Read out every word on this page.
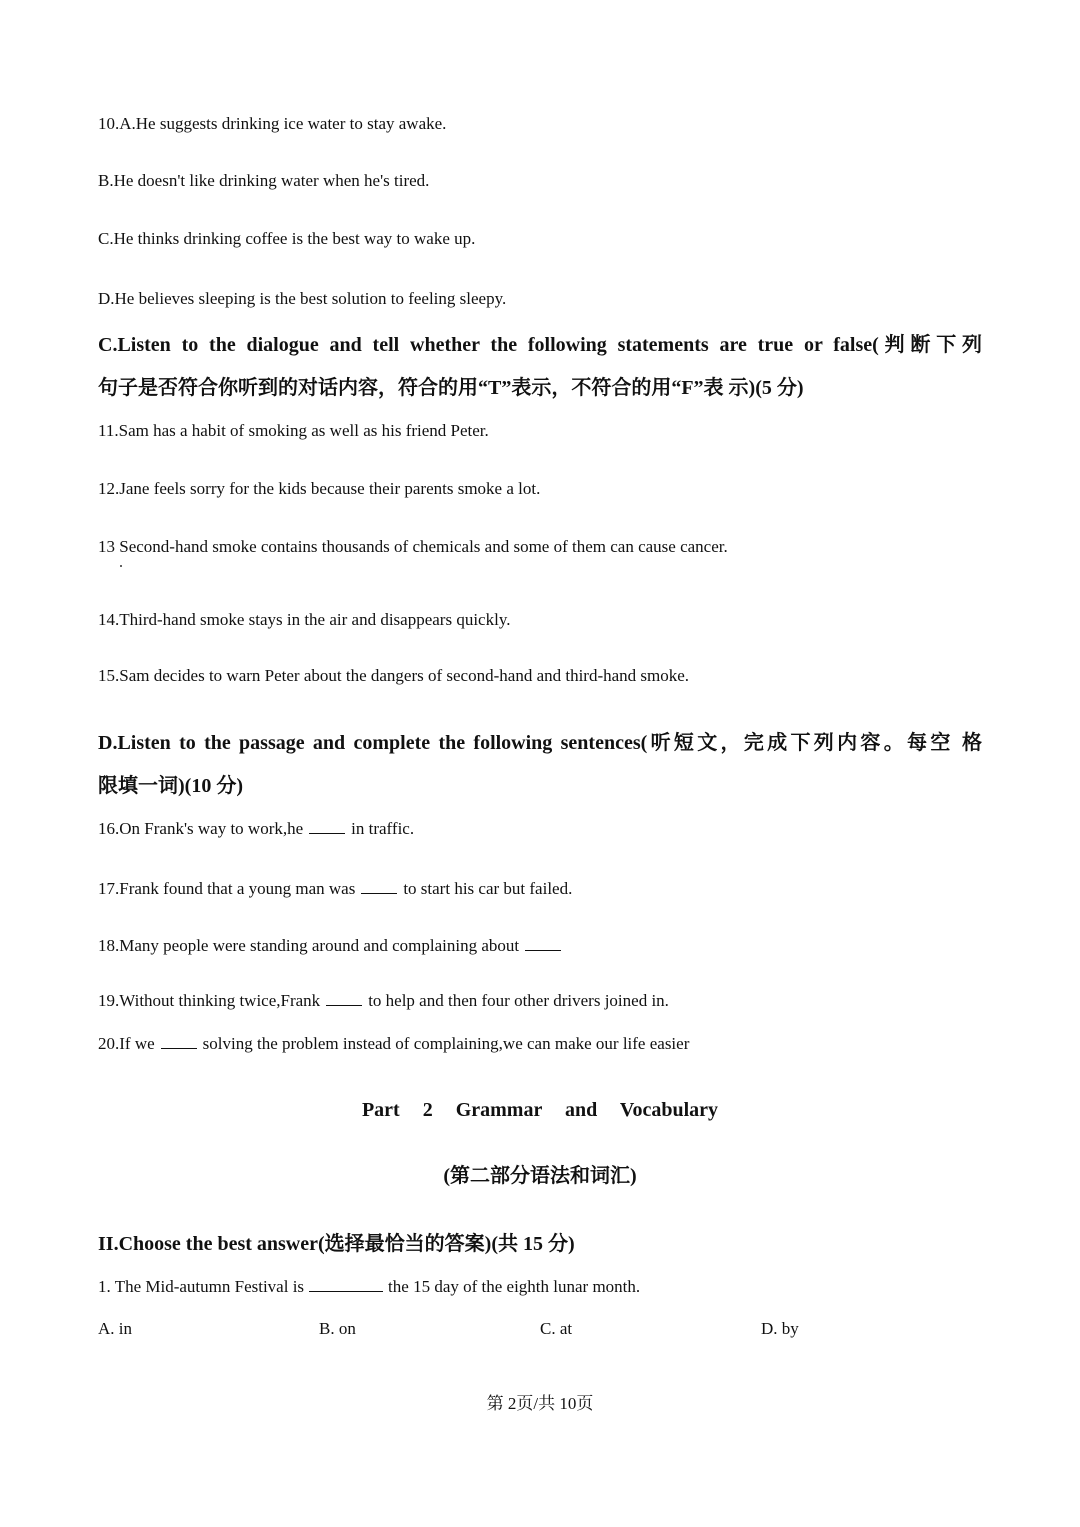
10.A.He suggests drinking ice water to stay awake.
B.He doesn't like drinking water when he's tired.
C.He thinks drinking coffee is the best way to wake up.
D.He believes sleeping is the best solution to feeling sleepy.
C.Listen to the dialogue and tell whether the following statements are true or false(判断下列
句子是否符合你听到的对话内容，符合的用“T”表示，不符合的用“F”表 示)(5 分)
11.Sam has a habit of smoking as well as his friend Peter.
12.Jane feels sorry for the kids because their parents smoke a lot.
13 Second-hand smoke contains thousands of chemicals and some of them can cause cancer.
14.Third-hand smoke stays in the air and disappears quickly.
15.Sam decides to warn Peter about the dangers of second-hand and third-hand smoke.
D.Listen to the passage and complete the following sentences(听短文，完成下列内容。每空 格
限填一词)(10 分)
16.On Frank's way to work,he	in traffic.
17.Frank found that a young man was	to start his car but failed.
18.Many people were standing around and complaining about
19.Without thinking twice,Frank	to help and then four other drivers joined in.
20.If we	solving the problem instead of complaining,we can make our life easier
Part 2 Grammar and Vocabulary
(第二部分语法和词汇)
II.Choose the best answer(选择最恰当的答案)(共 15 分)
1. The Mid-autumn Festival is	the 15 day of the eighth lunar month.
A. in	B. on	C. at	D. by
第 2页/共 10页
